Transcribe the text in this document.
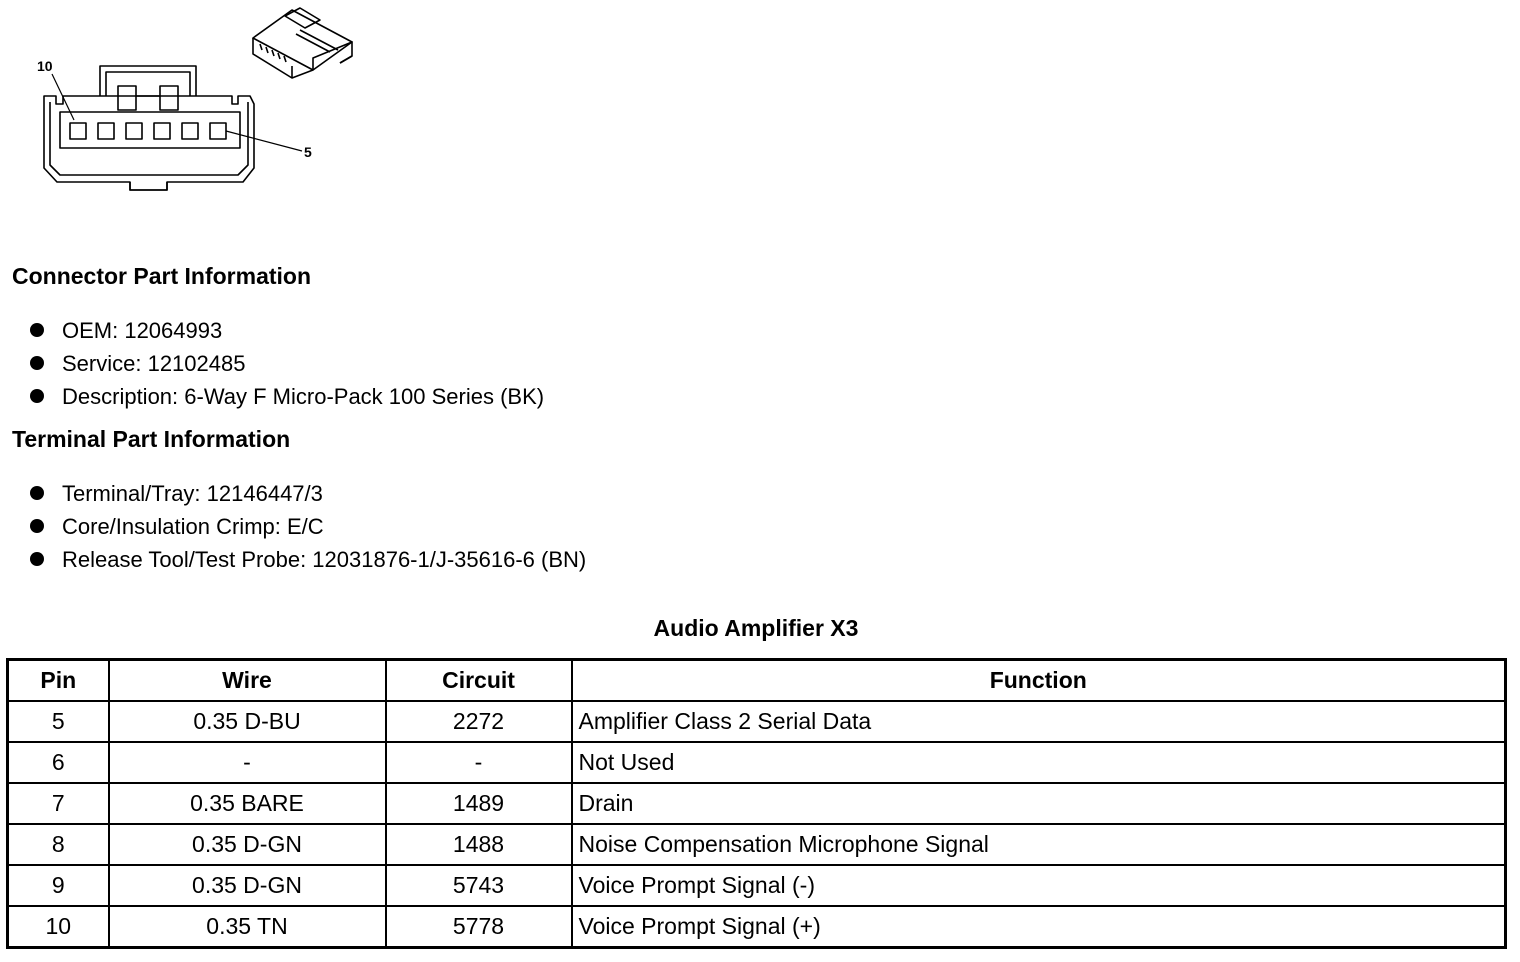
10
5
Connector Part Information
OEM: 12064993
Service: 12102485
Description: 6-Way F Micro-Pack 100 Series (BK)
Terminal Part Information
Terminal/Tray: 12146447/3
Core/Insulation Crimp: E/C
Release Tool/Test Probe: 12031876-1/J-35616-6 (BN)
Audio Amplifier X3
Pin	Wire	Circuit	Function
5	0.35 D-BU	2272	Amplifier Class 2 Serial Data
6	-	-	Not Used
7	0.35 BARE	1489	Drain
8	0.35 D-GN	1488	Noise Compensation Microphone Signal
9	0.35 D-GN	5743	Voice Prompt Signal (-)
10	0.35 TN	5778	Voice Prompt Signal (+)
